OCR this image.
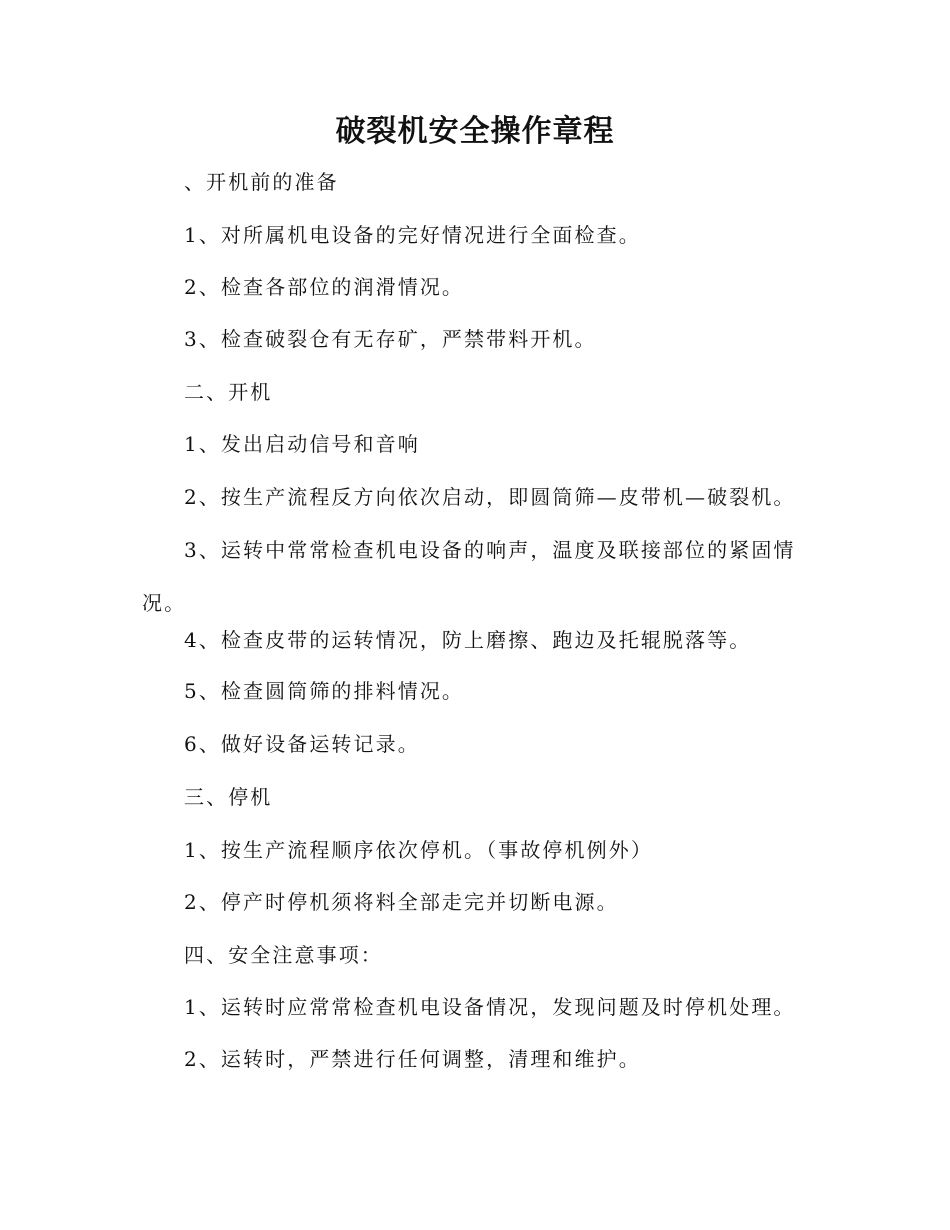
破裂机安全操作章程

、开机前的准备

1、对所属机电设备的完好情况进行全面检查。

2、检查各部位的润滑情况。

3、检查破裂仓有无存矿，严禁带料开机。

二、开机

1、发出启动信号和音响

2、按生产流程反方向依次启动，即圆筒筛—皮带机—破裂机。

3、运转中常常检查机电设备的响声，温度及联接部位的紧固情况。

4、检查皮带的运转情况，防上磨擦、跑边及托辊脱落等。

5、检查圆筒筛的排料情况。

6、做好设备运转记录。

三、停机

1、按生产流程顺序依次停机。（事故停机例外）

2、停产时停机须将料全部走完并切断电源。

四、安全注意事项：

1、运转时应常常检查机电设备情况，发现问题及时停机处理。

2、运转时，严禁进行任何调整，清理和维护。
